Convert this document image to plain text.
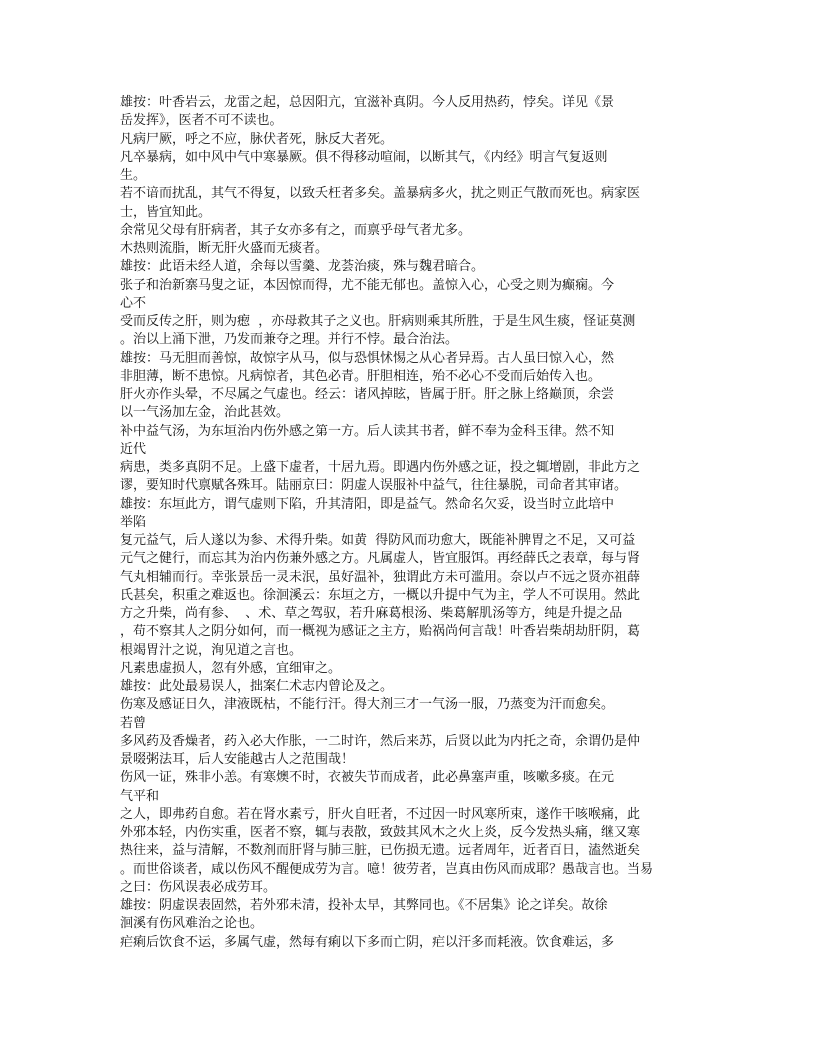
雄按：叶香岩云，龙雷之起，总因阳亢，宜滋补真阴。今人反用热药，悖矣。详见《景
岳发挥》，医者不可不读也。
凡病尸厥，呼之不应，脉伏者死，脉反大者死。
凡卒暴病，如中风中气中寒暴厥。俱不得移动喧闹，以断其气，《内经》明言气复返则
生。
若不谙而扰乱，其气不得复，以致夭枉者多矣。盖暴病多火，扰之则正气散而死也。病家医
士，皆宜知此。
余常见父母有肝病者，其子女亦多有之，而禀乎母气者尤多。
木热则流脂，断无肝火盛而无痰者。
雄按：此语未经人道，余每以雪羹、龙荟治痰，殊与魏君暗合。
张子和治新寨马叟之证，本因惊而得，尤不能无郁也。盖惊入心，心受之则为癫痫。今
心不
受而反传之肝，则为瘛  ，亦母救其子之义也。肝病则乘其所胜，于是生风生痰，怪证莫测
。治以上涌下泄，乃发而兼夺之理。并行不悖。最合治法。
雄按：马无胆而善惊，故惊字从马，似与恐惧怵惕之从心者异焉。古人虽曰惊入心，然
非胆薄，断不患惊。凡病惊者，其色必青。肝胆相连，殆不必心不受而后始传入也。
肝火亦作头晕，不尽属之气虚也。经云：诸风掉眩，皆属于肝。肝之脉上络巅顶，余尝
以一气汤加左金，治此甚效。
补中益气汤，为东垣治内伤外感之第一方。后人读其书者，鲜不奉为金科玉律。然不知
近代
病患，类多真阴不足。上盛下虚者，十居九焉。即遇内伤外感之证，投之辄增剧，非此方之
谬，要知时代禀赋各殊耳。陆丽京曰：阴虚人误服补中益气，往往暴脱，司命者其审诸。
雄按：东垣此方，谓气虚则下陷，升其清阳，即是益气。然命名欠妥，设当时立此培中
举陷
复元益气，后人遂以为参、术得升柴。如黄  得防风而功愈大，既能补脾胃之不足，又可益
元气之健行，而忘其为治内伤兼外感之方。凡属虚人，皆宜服饵。再经薛氏之表章，每与肾
气丸相辅而行。幸张景岳一灵未泯，虽好温补，独谓此方未可滥用。奈以卢不远之贤亦祖薛
氏甚矣，积重之难返也。徐洄溪云：东垣之方，一概以升提中气为主，学人不可误用。然此
方之升柴，尚有参、  、术、草之驾驭，若升麻葛根汤、柴葛解肌汤等方，纯是升提之品
，苟不察其人之阴分如何，而一概视为感证之主方，贻祸尚何言哉！叶香岩柴胡劫肝阴，葛
根竭胃汁之说，洵见道之言也。
凡素患虚损人，忽有外感，宜细审之。
雄按：此处最易误人，拙案仁术志内曾论及之。
伤寒及感证日久，津液既枯，不能行汗。得大剂三才一气汤一服，乃蒸变为汗而愈矣。
若曾
多风药及香燥者，药入必大作胀，一二时许，然后来苏，后贤以此为内托之奇，余谓仍是仲
景啜粥法耳，后人安能越古人之范围哉！
伤风一证，殊非小恙。有寒燠不时，衣被失节而成者，此必鼻塞声重，咳嗽多痰。在元
气平和
之人，即弗药自愈。若在肾水素亏，肝火自旺者，不过因一时风寒所束，遂作干咳喉痛，此
外邪本轻，内伤实重，医者不察，辄与表散，致鼓其风木之火上炎，反今发热头痛，继又寒
热往来，益与清解，不数剂而肝肾与肺三脏，已伤损无遗。远者周年，近者百日，溘然逝矣
。而世俗谈者，咸以伤风不醒便成劳为言。噫！彼劳者，岂真由伤风而成耶？愚哉言也。当易
之曰：伤风误表必成劳耳。
雄按：阴虚误表固然，若外邪未清，投补太早，其弊同也。《不居集》论之详矣。故徐
洄溪有伤风难治之论也。
疟痢后饮食不运，多属气虚，然每有痢以下多而亡阴，疟以汗多而耗液。饮食难运，多
